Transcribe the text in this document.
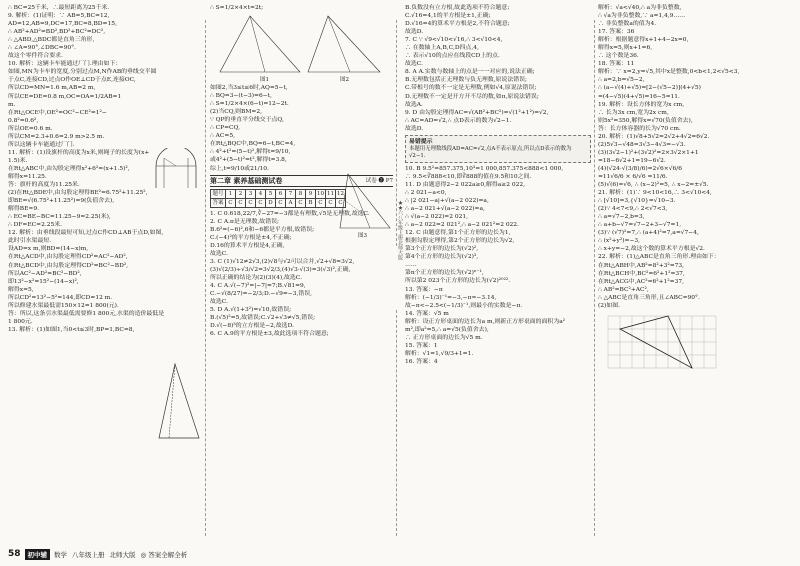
∴ BC=25千米，∴最短距离为25千米.
9. 解析：(1)证明：∵ AB=5,BC=12,
AD=12,AB=9,DC=17,BC=8,BD=15,
∴ AB²+AD²=BD²,BD²+BC²=DC²,
∴ △ABD,△BDC都是直角三角形,
∴ ∠A=90°,∠DBC=90°.
故这个零件符合要求.
10. 解析：这辆卡车能通过厂门.理由如下：
如图,MN为卡车的宽度,分别过点M,N作AB的垂线交半圆
于点C,连接CD,过点O作OE⊥CD于点E,连接OC,
所以CD=MN=1.6 m,AB=2 m,
所以CE=DE=0.8 m,OC=OA=1/2AB=1
m.
在Rt△OCE中,OE²=OC²−CE²=1²−
0.8²=0.6²,
所以OE=0.6 m.
所以CM=2.3+0.6=2.9 m>2.5 m.
所以这辆卡车能通过厂门.
11. 解析：(1)设旗杆的高度为x米,则绳子的长度为(x+
1.5)米.
在Rt△ABC中,由勾股定理得x²+6²=(x+1.5)²,
解得x=11.25.
答：旗杆的高度为11.25米.
(2)在Rt△BDE中,由勾股定理得BE²=6.75²+11.25²,
即BE=√(6.75²+11.25²)=9(负值舍去),
解得BE≈9.
∴ EC=BE−BC=11.25−9=2.25(米),
∴ DF=EC=2.25米.
12. 解析：由垂线段最短可知,过点C作CD⊥AB于点D,如图,
此时引水渠最短.
设AD=x m,则BD=(14−x)m,
在Rt△ACD中,由勾股定理得CD²=AC²−AD²,
在Rt△BCD中,由勾股定理得CD²=BC²−BD²,
所以AC²−AD²=BC²−BD²,
即13²−x²=15²−(14−x)²,
解得x=5,
所以CD²=13²−5²=144,即CD=12 m.
所以修建水渠最低需150×12=1 800(元).
答：所以,这条引水渠最低需要修1 800元,水渠的造价最低是
1 800元.
13. 解析：(1)如图1,当0<t≤3时,BP=1,BC=8,
∴ S=1/2×4×t=2t;
图1	图2
如图2,当3≤t≤6时,AQ=5−t,
∴ BQ=3−(t−3)=6−t,
∴ S=1/2×4×(6−t)=12−2t.
(2)当CQ,则BM=2,
∵ QP的垂直平分线交于点Q,
∴ CP=CQ,
∴ AC=5,
在Rt△BQC中,BQ=6−t,BC=4,
∴ 4²+t²=(5−t)²,解得t=9/10,
或4²+(5−t)²=t²,解得t=3.8,
综上,t=9/10或21/10.
第二章 素养基础测试卷	试卷 ➋ P7
题号	1	2	3	4	5	6	7	8	9	10	11	12
答案	C	C	C	C	D	C	A	C	B	C	C	C
1. C 0.618,22/7,∛−27=−3都是有理数,√5是无理数,故选C.
2. C A.π是无理数,故错误;
B.6²=(−6)²,6和−6都是平方根,故错误;
C.(−4)²的平方根是±4,不正确;
D.16的算术平方根是4,正确,
故选C.
3. C (1)√12≠2√3,(2)√8与√2可以合并,√2+√8=3√2,
(3)√(2/3)÷√3/√2=3√2/3,(4)√3·√(3)=3(√3)²,正确,
所以正确的结论为(2)(3)(4),故选C.
4. C A.√(−7)²=|−7|=7;B.√81=9,
C.−√(8/27)=−2/3;D.−√9=−3,错误,
故选C.
5. D A.√(1+3²)=√10,故错误;
B.(√5)²=5,故错误;C.√2+√3≠√5,错误;
D.√(−8)³的立方根是−2,故选D.
6. C A.9的平方根是±3,故此选项不符合题意;
图3	★★六八年级上册北师大版
B.负数没有立方根,故此选项不符合题意;
C.√16=4,1的平方根是±1,正确;
D.√16=4的算术平方根是2,不符合题意;
故选D.
7. C ∵ √9<√10<√16,∴ 3<√10<4,
∴ 在数轴上A,B,C,D四点,4,
∴ 表示√10的点应在线段CD上的点.
故选C.
8. A A.实数与数轴上的点是一一对应的,说法正确;
B.无理数包括正无理数与负无理数,原说法错误;
C.带根号的数不一定是无理数,例如√4,原说法错误;
D.无理数不一定是开方开不尽的数,如π,原说法错误;
故选A.
9. D 由勾股定理得AC=√(AB²+BC²)=√(1²+1²)=√2,
∴ AC=AD=√2,∴ 点D表示的数为√2−1.
故选D.
易错提示
本题用无理数线段AD=AC=√2,点A不表示原点,所以点D表示的数为√2−1.
10. B 9.5²=857.375,10³=1 000,857.375<888<1 000,
∴ 9.5<∛888<10,即∛888的值在9.5和10之间.
11. D 由题意得2−2 022a≥0,解得a≥2 022,
∴ 2 021−a<0,
∴ |2 021−a|+√(a−2 022)=a,
∴ a−2 021+√(a−2 022)=a,
∴ √(a−2 022)=2 021,
∴ a−2 022=2 021²,∴ a−2 021²=2 022.
12. C 由题意得,第1个正方形的边长为1,
根据勾股定理得,第2个正方形的边长为√2,
第3个正方形的边长为(√2)²,
第4个正方形的边长为(√2)³,
……
第n个正方形的边长为(√2)ⁿ⁻¹,
所以第2 023个正方形的边长为(√2)²⁰²².
13. 答案：−π
解析：(−1/3)⁻¹=−3,−π≈−3.14,
故−π<−2.5<(−1/3)⁻¹,则最小的实数是−π.
14. 答案：√5 m
解析：设正方形桌面的边长为a m,则新正方形桌面的面积为a²
m²,即a²=5,∴ a=√5(负值舍去),
∴ 正方形桌面的边长为√5 m.
15. 答案：1
解析：√1=1,√9/3+1=1.
16. 答案：4
解析：√a<√40,∴ a为非负整数,
∴ √a为非负整数,∵ a=1,4,9……
∴ 非负整数a的值为4.
17. 答案：36
解析：根据题意得x+1+4−2x=0,
解得x=5,则x+1=6,
∴ 这个数是36.
18. 答案：11
解析：∵ x=2,y=√5,其中x是整数,0<b<1,2<√5<3,
∴ a=2,b=√5−2,
∴ (a−√(4)+√5)=[2−(√5−2)](4+√5)
=(4−√5)(4+√5)=16−5=11.
19. 解析：设长方体的宽为x cm,
∴ 长为3x cm,宽为2x cm,
则5x²=350,解得x=√70(负值舍去),
答：长方体容器的长为√70 cm.
20. 解析：(1)√8+5√2=2√2+4√2=6√2.
(2)5√3−√48=3√3−4√3=−√3.
(3)(3√2−1)²+(3√2)²=2×3√2×1+1
=18−6√2+1=19−6√2.
(4)(√24·√(3/8)/6)=2√6×√6/6
=11√6/6 × 6/√6 =11/6.
(5)√(6)=√6, ∴ (x−2)²=5, ∴ x−2=±√5.
21. 解析：(1)∵ 9<10<16,∴ 3<√10<4,
∴ [√10]=3,{√10}=√10−3.
(2)∵ 4<7<9,∴ 2<√7<3,
∴ a=√7−2,b=3,
∴ a+b−√7=√7−2+3−√7=1,
(3)∵ (√7)²=7,∴ (a+4)²=7,a=√7−4,
∴ (x²+y²)=−3,
∴ x+y=−2,故这个数的算术平方根是√2.
22. 解析：(1)△ABC是直角三角形.理由如下：
在Rt△ABH中,AB²=8²+3²=73,
在Rt△BCH中,BC²=6²+1²=37,
在Rt△ACG中,AC²=6²+1²=37,
∴ AB²=BC²+AC²,
∴ △ABC是直角三角形,且∠ABC=90°.
(2)如图.
58	初中辅	数学 八年级上册 北师大版 ◎ 答案全解全析
